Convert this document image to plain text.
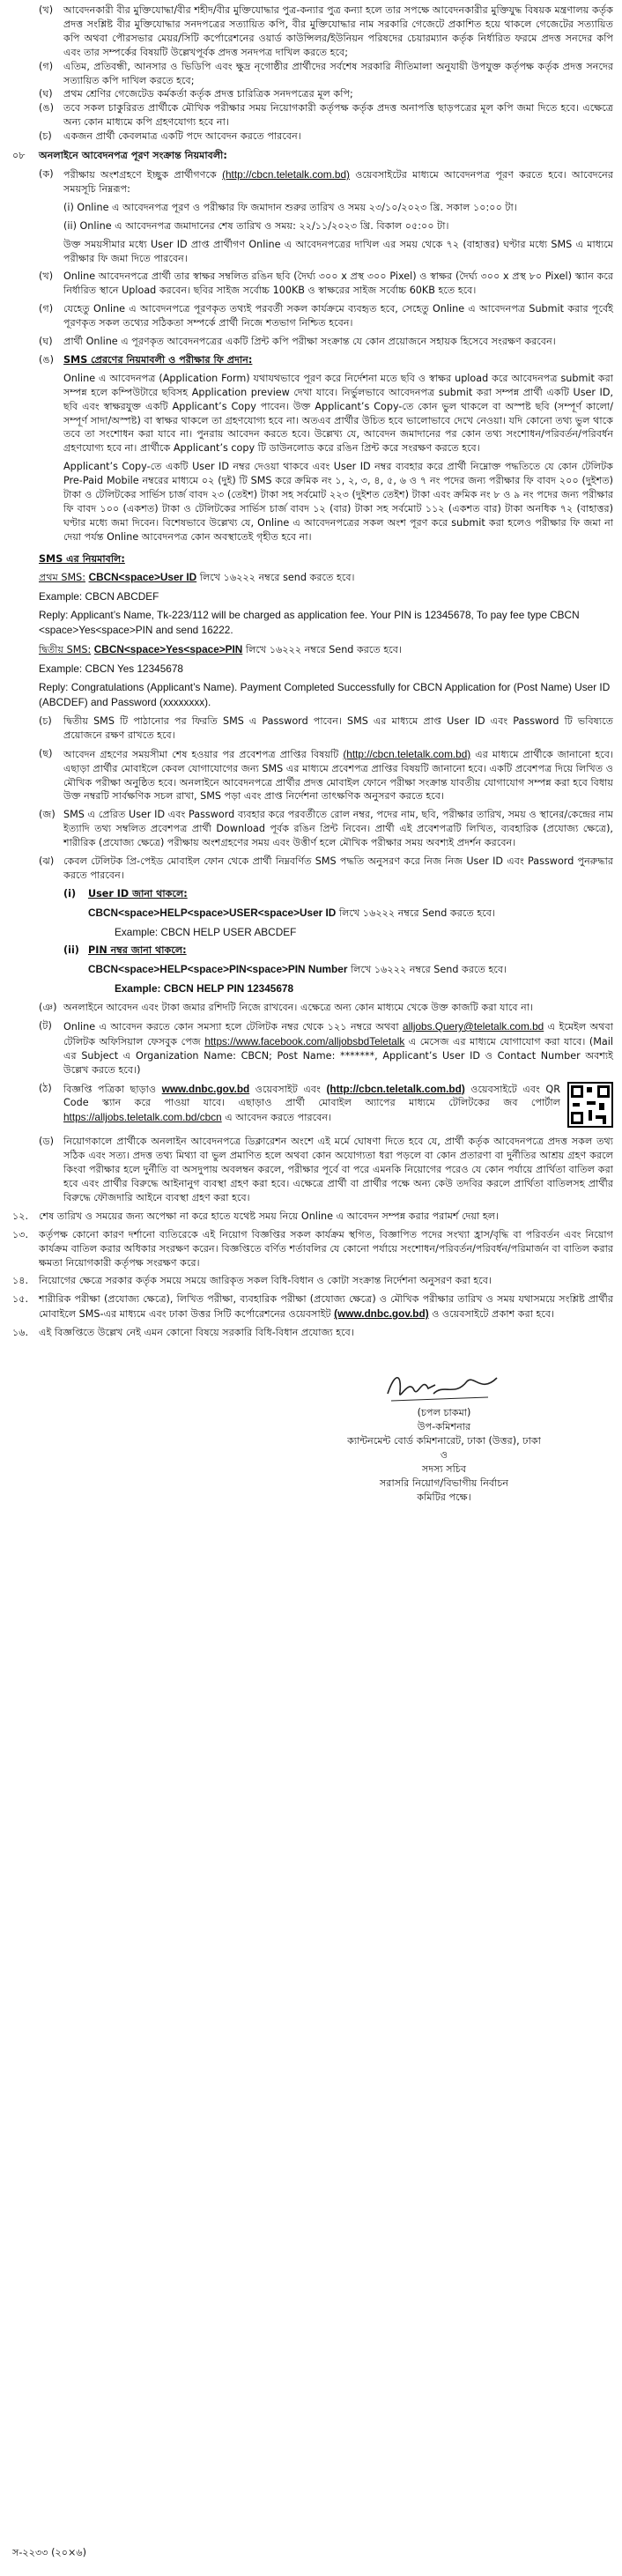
(খ)	আবেদনকারী বীর মুক্তিযোদ্ধা/বীর শহীদ/বীর মুক্তিযোদ্ধার পুত্র-কন্যার পুত্র কন্যা হলে তার সপক্ষে আবেদনকারীর মুক্তিযুদ্ধ বিষয়ক মন্ত্রণালয় কর্তৃক প্রদত্ত সংশ্লিষ্ট বীর মুক্তিযোদ্ধার সনদপত্রের সত্যায়িত কপি, বীর মুক্তিযোদ্ধার নাম সরকারি গেজেটে প্রকাশিত হয়ে থাকলে গেজেটের সত্যায়িত কপি অথবা পৌরসভার মেয়র/সিটি কর্পোরেশনের ওয়ার্ড কাউন্সিলর/ইউনিয়ন পরিষদের চেয়ারম্যান কর্তৃক নির্ধারিত ফরমে প্রদত্ত সনদের কপি এবং তার সম্পর্কের বিষয়টি উল্লেখপূর্বক প্রদত্ত সনদপত্র দাখিল করতে হবে;
(গ)	এতিম, প্রতিবন্ধী, আনসার ও ভিডিপি এবং ক্ষুদ্র নৃগোষ্ঠীর প্রার্থীদের সর্বশেষ সরকারি নীতিমালা অনুযায়ী উপযুক্ত কর্তৃপক্ষ কর্তৃক প্রদত্ত সনদের সত্যায়িত কপি দাখিল করতে হবে;
(ঘ)	প্রথম শ্রেণির গেজেটেড কর্মকর্তা কর্তৃক প্রদত্ত চারিত্রিক সনদপত্রের মূল কপি;
(ঙ) তবে সকল চাকুরিরত প্রার্থীকে মৌখিক পরীক্ষার সময় নিয়োগকারী কর্তৃপক্ষ কর্তৃক প্রদত্ত অনাপত্তি ছাড়পত্রের মূল কপি জমা দিতে হবে। এক্ষেত্রে অন্য কোন মাধ্যমে কপি গ্রহণযোগ্য হবে না।
(চ)	একজন প্রার্থী কেবলমাত্র একটি পদে আবেদন করতে পারবেন।
০৮	অনলাইনে আবেদনপত্র পূরণ সংক্রান্ত নিয়মাবলী:

(ক)	পরীক্ষায় অংশগ্রহণে ইচ্ছুক প্রার্থীগণকে (http://cbcn.teletalk.com.bd) ওয়েবসাইটের মাধ্যমে আবেদনপত্র পূরণ করতে হবে। আবেদনের সময়সূচি নিম্নরূপ:

(i) Online এ আবেদনপত্র পূরণ ও পরীক্ষার ফি জমাদান শুরুর তারিখ ও সময় ২৩/১০/২০২৩ খ্রি. সকাল ১০:০০ টা।

(ii) Online এ আবেদনপত্র জমাদানের শেষ তারিখ ও সময়: ২২/১১/২০২৩ খ্রি. বিকাল ০৫:০০ টা।

উক্ত সময়সীমার মধ্যে User ID প্রাপ্ত প্রার্থীগণ Online এ আবেদনপত্রের দাখিল এর সময় থেকে ৭২ (বাহাত্তর) ঘণ্টার মধ্যে SMS এ মাধ্যমে পরীক্ষার ফি জমা দিতে পারবেন।

(খ)	Online আবেদনপত্রে প্রার্থী তার স্বাক্ষর সম্বলিত রঙিন ছবি (দৈর্ঘ্য ৩০০ x প্রস্থ ৩০০ Pixel) ও স্বাক্ষর (দৈর্ঘ্য ৩০০ x প্রস্থ ৮০ Pixel) স্ক্যান করে নির্ধারিত স্থানে Upload করবেন। ছবির সাইজ সর্বোচ্চ 100KB ও স্বাক্ষরের সাইজ সর্বোচ্চ 60KB হতে হবে।

(গ)	যেহেতু Online এ আবেদনপত্রে পূরণকৃত তথ্যই পরবর্তী সকল কার্যক্রমে ব্যবহৃত হবে, সেহেতু Online এ আবেদনপত্র Submit করার পূর্বেই পূরণকৃত সকল তথ্যের সঠিকতা সম্পর্কে প্রার্থী নিজে শতভাগ নিশ্চিত হবেন।

(ঘ)	প্রার্থী Online এ পূরণকৃত আবেদনপত্রের একটি প্রিন্ট কপি পরীক্ষা সংক্রান্ত যে কোন প্রয়োজনে সহায়ক হিসেবে সংরক্ষণ করবেন।

(ঙ) SMS প্রেরণের নিয়মাবলী ও পরীক্ষার ফি প্রদান:

Online এ আবেদনপত্র (Application Form) যথাযথভাবে পূরণ করে নির্দেশনা মতে ছবি ও স্বাক্ষর upload করে আবেদনপত্র submit করা সম্পন্ন হলে কম্পিউটারে ছবিসহ Application preview দেখা যাবে। নির্ভুলভাবে আবেদনপত্র submit করা সম্পন্ন প্রার্থী একটি User ID, ছবি এবং স্বাক্ষরযুক্ত একটি Applicant’s Copy পাবেন। উক্ত Applicant’s Copy-তে কোন ভুল থাকলে বা অস্পষ্ট ছবি (সম্পূর্ণ কালো/সম্পূর্ণ সাদা/অস্পষ্ট) বা স্বাক্ষর থাকলে তা গ্রহণযোগ্য হবে না। অতএব প্রার্থীর উচিত হবে ভালোভাবে দেখে নেওয়া। যদি কোনো তথ্য ভুল থাকে তবে তা সংশোধন করা যাবে না। পুনরায় আবেদন করতে হবে। উল্লেখ্য যে, আবেদন জমাদানের পর কোন তথ্য সংশোধন/পরিবর্তন/পরিবর্ধন গ্রহণযোগ্য হবে না। প্রার্থীকে Applicant’s copy টি ডাউনলোড করে রঙিন প্রিন্ট করে সংরক্ষণ করতে হবে।

Applicant’s Copy-তে একটি User ID নম্বর দেওয়া থাকবে এবং User ID নম্বর ব্যবহার করে প্রার্থী নিম্নোক্ত পদ্ধতিতে যে কোন টেলিটক Pre-Paid Mobile নম্বরের মাধ্যমে ০২ (দুই) টি SMS করে ক্রমিক নং ১, ২, ৩, ৪, ৫, ৬ ও ৭ নং পদের জন্য পরীক্ষার ফি বাবদ ২০০ (দুইশত) টাকা ও টেলিটকের সার্ভিস চার্জ বাবদ ২৩ (তেইশ) টাকা সহ সর্বমোট ২২৩ (দুইশত তেইশ) টাকা এবং ক্রমিক নং ৮ ও ৯ নং পদের জন্য পরীক্ষার ফি বাবদ ১০০ (একশত) টাকা ও টেলিটকের সার্ভিস চার্জ বাবদ ১২ (বার) টাকা সহ সর্বমোট ১১২ (একশত বার) টাকা অনধিক ৭২ (বাহাত্তর) ঘণ্টার মধ্যে জমা দিবেন। বিশেষভাবে উল্লেখ্য যে, Online এ আবেদনপত্রের সকল অংশ পূরণ করে submit করা হলেও পরীক্ষার ফি জমা না দেয়া পর্যন্ত Online আবেদনপত্র কোন অবস্থাতেই গৃহীত হবে না।

SMS এর নিয়মাবলি:

প্রথম SMS: CBCN<space>User ID লিখে ১৬২২২ নম্বরে send করতে হবে।

Example: CBCN ABCDEF

Reply: Applicant’s Name, Tk-223/112 will be charged as application fee. Your PIN is 12345678, To pay fee type CBCN <space>Yes<space>PIN and send 16222.

দ্বিতীয় SMS: CBCN<space>Yes<space>PIN লিখে ১৬২২২ নম্বরে Send করতে হবে।

Example: CBCN Yes 12345678

Reply: Congratulations (Applicant’s Name). Payment Completed Successfully for CBCN Application for (Post Name) User ID (ABCDEF) and Password (xxxxxxxx).

(চ)	দ্বিতীয় SMS টি পাঠানোর পর ফিরতি SMS এ Password পাবেন। SMS এর মাধ্যমে প্রাপ্ত User ID এবং Password টি ভবিষ্যতে প্রয়োজনে রক্ষণ রাখতে হবে।

(ছ)	আবেদন গ্রহণের সময়সীমা শেষ হওয়ার পর প্রবেশপত্র প্রাপ্তির বিষয়টি (http://cbcn.teletalk.com.bd) এর মাধ্যমে প্রার্থীকে জানানো হবে। এছাড়া প্রার্থীর মোবাইলে কেবল যোগাযোগের জন্য SMS এর মাধ্যমে প্রবেশপত্র প্রাপ্তির বিষয়টি জানানো হবে। একটি প্রবেশপত্র দিয়ে লিখিত ও মৌখিক পরীক্ষা অনুষ্ঠিত হবে। অনলাইনে আবেদনপত্রে প্রার্থীর প্রদত্ত মোবাইল ফোনে পরীক্ষা সংক্রান্ত যাবতীয় যোগাযোগ সম্পন্ন করা হবে বিধায় উক্ত নম্বরটি সার্বক্ষণিক সচল রাখা, SMS পড়া এবং প্রাপ্ত নির্দেশনা তাৎক্ষণিক অনুসরণ করতে হবে।

(জ) SMS এ প্রেরিত User ID এবং Password ব্যবহার করে পরবর্তীতে রোল নম্বর, পদের নাম, ছবি, পরীক্ষার তারিখ, সময় ও স্থানের/কেন্দ্রের নাম ইত্যাদি তথ্য সম্বলিত প্রবেশপত্র প্রার্থী Download পূর্বক রঙিন প্রিন্ট নিবেন। প্রার্থী এই প্রবেশপত্রটি লিখিত, ব্যবহারিক (প্রযোজ্য ক্ষেত্রে), শারীরিক (প্রযোজ্য ক্ষেত্রে) পরীক্ষায় অংশগ্রহণের সময় এবং উত্তীর্ণ হলে মৌখিক পরীক্ষার সময় অবশ্যই প্রদর্শন করবেন।

(ঝ) কেবল টেলিটক প্রি-পেইড মোবাইল ফোন থেকে প্রার্থী নিম্নবর্ণিত SMS পদ্ধতি অনুসরণ করে নিজ নিজ User ID এবং Password পুনরুদ্ধার করতে পারবেন।

(i)	User ID জানা থাকলে:

CBCN<space>HELP<space>USER<space>User ID লিখে ১৬২২২ নম্বরে Send করতে হবে।

Example: CBCN HELP USER ABCDEF

(ii) PIN নম্বর জানা থাকলে:

CBCN<space>HELP<space>PIN<space>PIN Number লিখে ১৬২২২ নম্বরে Send করতে হবে।

Example: CBCN HELP PIN 12345678

(ঞ) অনলাইনে আবেদন এবং টাকা জমার রশিদটি নিজে রাখবেন। এক্ষেত্রে অন্য কোন মাধ্যমে খেকে উক্ত কাজটি করা যাবে না।

(ট)	Online এ আবেদন করতে কোন সমস্যা হলে টেলিটক নম্বর থেকে ১২১ নম্বরে অথবা alljobs.Query@teletalk.com.bd এ ইমেইল অথবা টেলিটক অফিসিয়াল ফেসবুক পেজ https://www.facebook.com/alljobsbdTeletalk এ মেসেজ এর মাধ্যমে যোগাযোগ করা যাবে। (Mail এর Subject এ Organization Name: CBCN; Post Name: *******, Applicant’s User ID ও Contact Number অবশ্যই উল্লেখ করতে হবে।)

(ঠ)	বিজ্ঞপ্তি পত্রিকা ছাড়াও www.dnbc.gov.bd ওয়েবসাইট এবং (http://cbcn.teletalk.com.bd) ওয়েবসাইটে এবং QR Code স্ক্যান করে পাওয়া যাবে। এছাড়াও প্রার্থী মোবাইল অ্যাপের মাধ্যমে টেলিটকের জব পোর্টাল https://alljobs.teletalk.com.bd/cbcn এ আবেদন করতে পারবেন।

(ড) নিয়োগকালে প্রার্থীকে অনলাইন আবেদনপত্রে ডিক্লারেশন অংশে এই মর্মে ঘোষণা দিতে হবে যে, প্রার্থী কর্তৃক আবেদনপত্রে প্রদত্ত সকল তথ্য সঠিক এবং সত্য। প্রদত্ত তথ্য মিথ্যা বা ভুল প্রমাণিত হলে অথবা কোন অযোগ্যতা ধরা পড়লে বা কোন প্রতারণা বা দুর্নীতির আশ্রয় গ্রহণ করলে কিংবা পরীক্ষার হলে দুর্নীতি বা অসদুপায় অবলম্বন করলে, পরীক্ষার পূর্বে বা পরে এমনকি নিয়োগের পরেও যে কোন পর্যায়ে প্রার্থিতা বাতিল করা হবে এবং প্রার্থীর বিরুদ্ধে আইনানুগ ব্যবস্থা গ্রহণ করা হবে। এক্ষেত্রে প্রার্থী বা প্রার্থীর পক্ষে অন্য কেউ তদবির করলে প্রার্থিতা বাতিলসহ প্রার্থীর বিরুদ্ধে ফৌজদারি আইনে ব্যবস্থা গ্রহণ করা হবে।

১২.	শেষ তারিখ ও সময়ের জন্য অপেক্ষা না করে হাতে যথেষ্ট সময় নিয়ে Online এ আবেদন সম্পন্ন করার পরামর্শ দেয়া হল।

১৩.	কর্তৃপক্ষ কোনো কারণ দর্শানো ব্যতিরেকে এই নিয়োগ বিজ্ঞপ্তির সকল কার্যক্রম স্থগিত, বিজ্ঞাপিত পদের সংখ্যা হ্রাস/বৃদ্ধি বা পরিবর্তন এবং নিয়োগ কার্যক্রম বাতিল করার অধিকার সংরক্ষণ করেন। বিজ্ঞপ্তিতে বর্ণিত শর্তাবলির যে কোনো পর্যায়ে সংশোধন/পরিবর্তন/পরিবর্ধন/পরিমার্জন বা বাতিল করার ক্ষমতা নিয়োগকারী কর্তৃপক্ষ সংরক্ষণ করে।

১৪.	নিয়োগের ক্ষেত্রে সরকার কর্তৃক সময়ে সময়ে জারিকৃত সকল বিধি-বিধান ও কোটা সংক্রান্ত নির্দেশনা অনুসরণ করা হবে।

১৫.	শারীরিক পরীক্ষা (প্রযোজ্য ক্ষেত্রে), লিখিত পরীক্ষা, ব্যবহারিক পরীক্ষা (প্রযোজ্য ক্ষেত্রে) ও মৌখিক পরীক্ষার তারিখ ও সময় যথাসময়ে সংশ্লিষ্ট প্রার্থীর মোবাইলে SMS-এর মাধ্যমে এবং ঢাকা উত্তর সিটি কর্পোরেশনের ওয়েবসাইট (www.dnbc.gov.bd) ও ওয়েবসাইটে প্রকাশ করা হবে।

১৬.	এই বিজ্ঞপ্তিতে উল্লেখ নেই এমন কোনো বিষয়ে সরকারি বিধি-বিধান প্রযোজ্য হবে।

(চপল চাকমা)
উপ-কমিশনার
ক্যান্টনমেন্ট বোর্ড কমিশনারেট, ঢাকা (উত্তর), ঢাকা
ও
সদস্য সচিব
সরাসরি নিয়োগ/বিভাগীয় নির্বাচন
কমিটির পক্ষে।
স-২২৩৩ (২০×৬)
